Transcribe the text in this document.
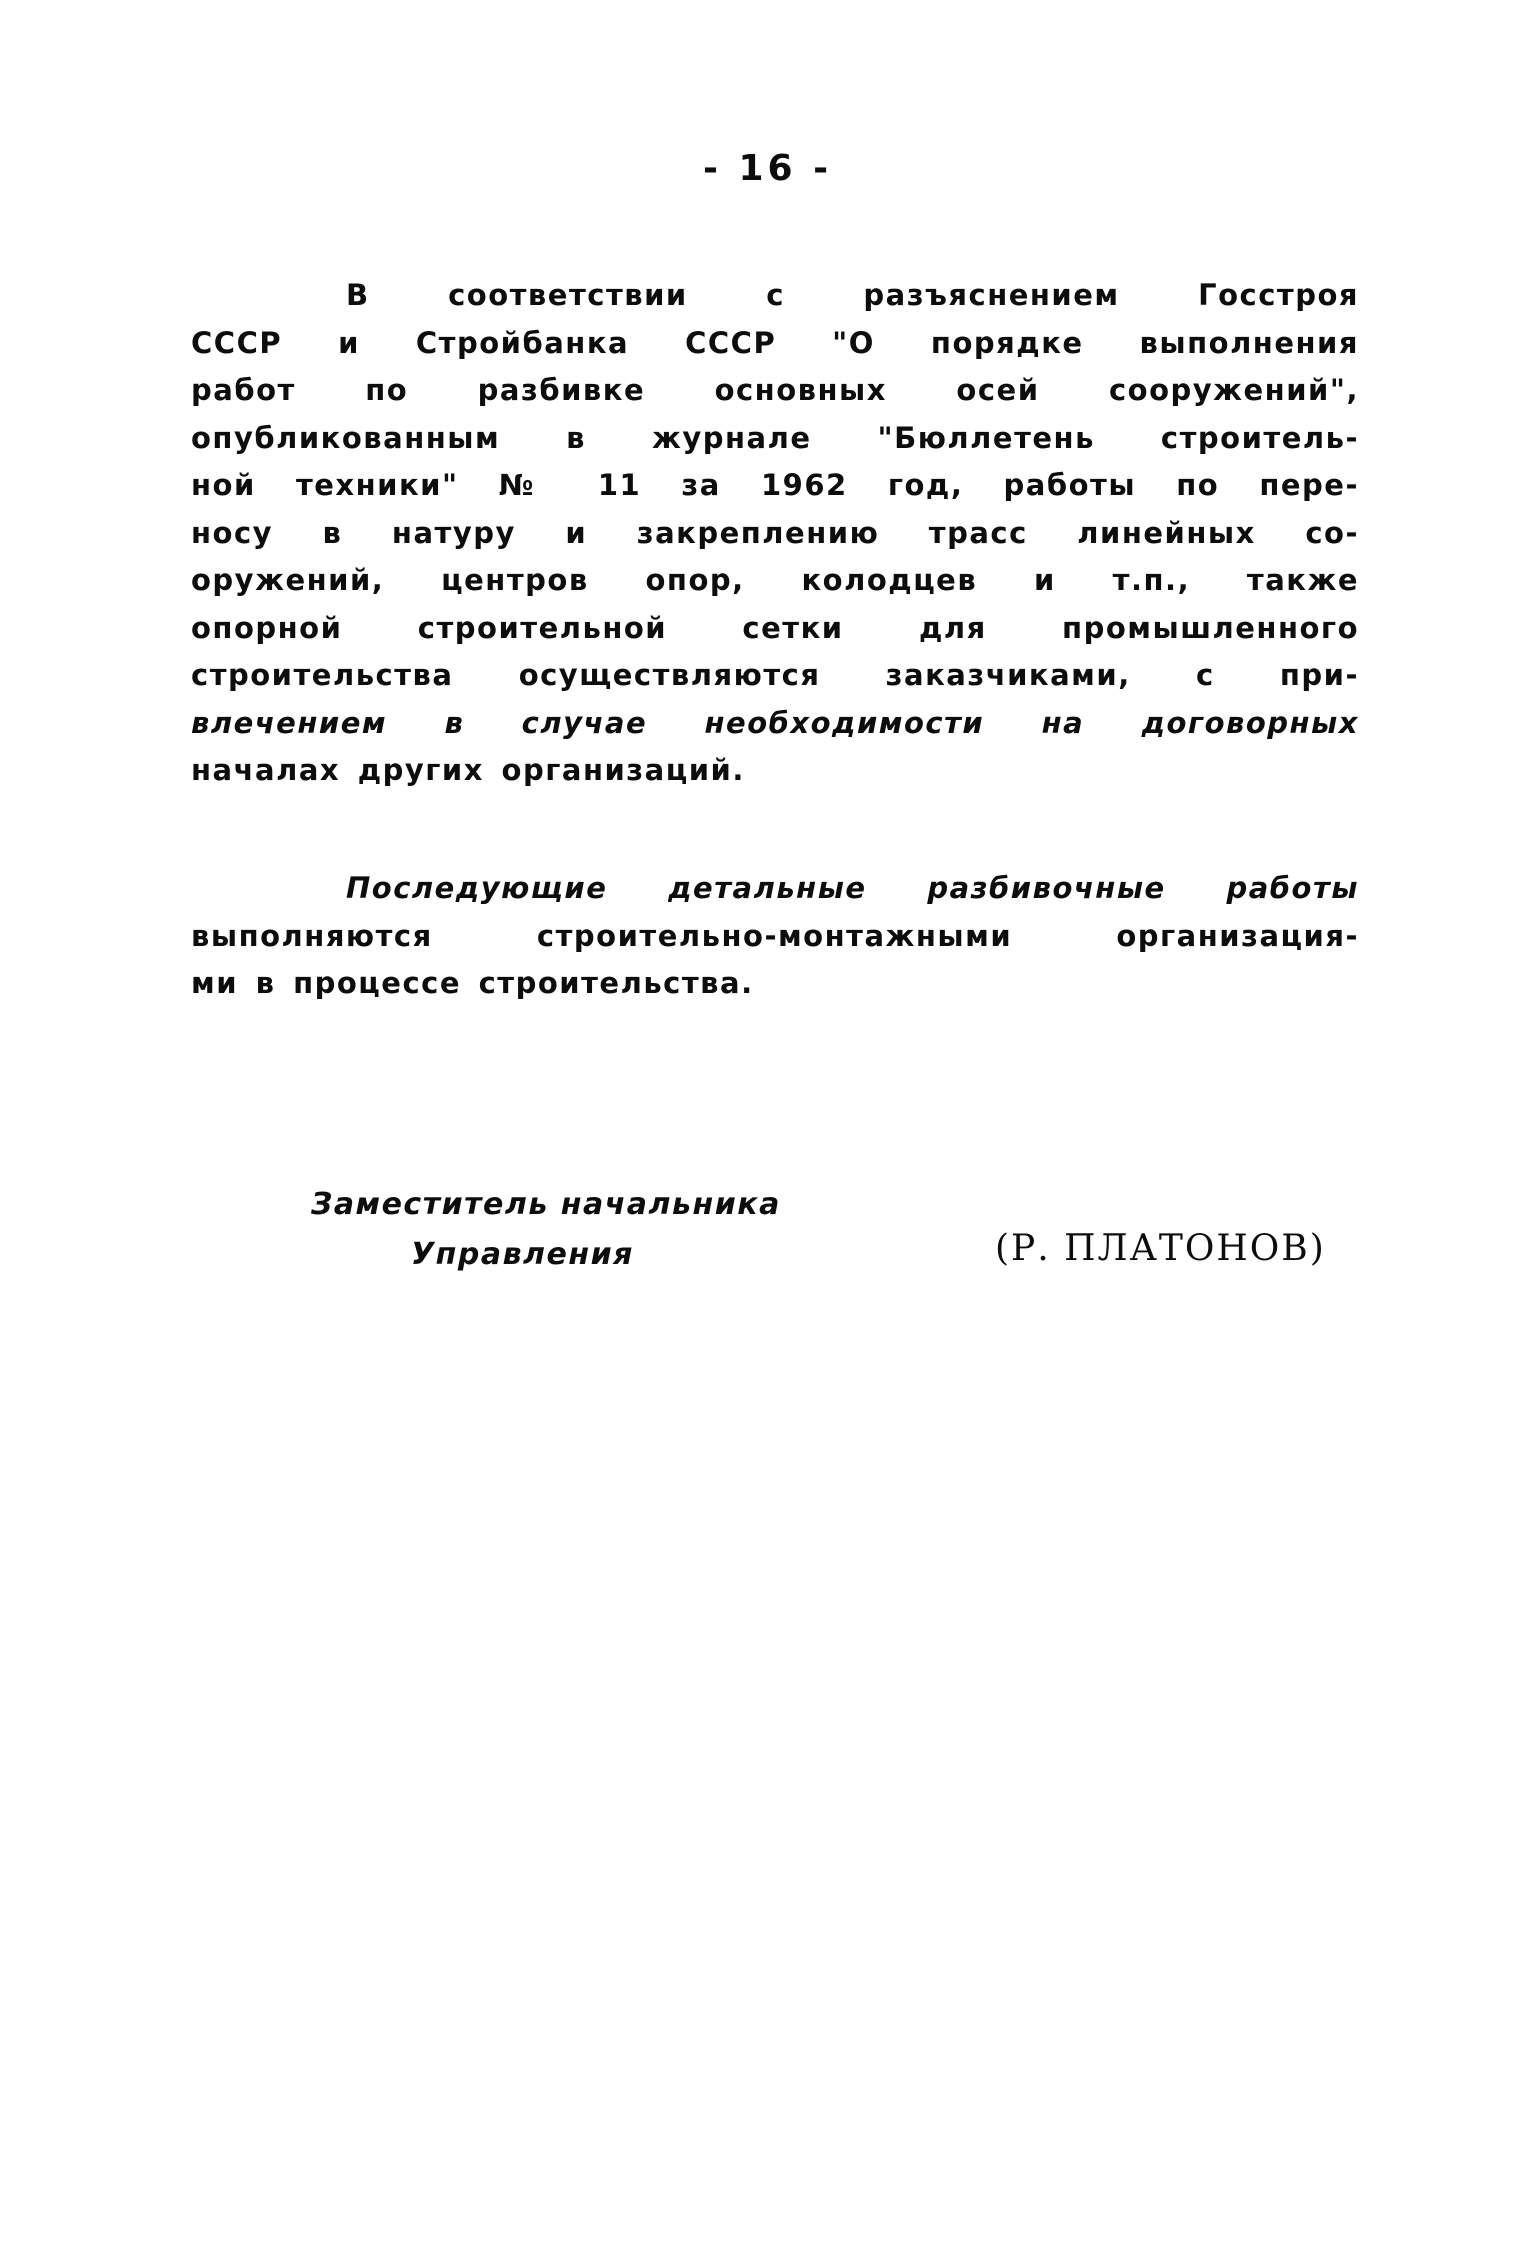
- 16 -

В соответствии с разъяснением Госстроя
СССР и Стройбанка СССР "О порядке выполнения
работ по разбивке основных осей сооружений",
опубликованным в журнале "Бюллетень строитель-
ной техники" № 11 за 1962 год, работы по пере-
носу в натуру и закреплению трасс линейных со-
оружений, центров опор, колодцев и т.п., также
опорной строительной сетки для промышленного
строительства осуществляются заказчиками, с при-
влечением в случае необходимости на договорных
началах других организаций.

Последующие детальные разбивочные работы
выполняются строительно-монтажными организация-
ми в процессе строительства.

Заместитель начальника
Управления	(Р. ПЛАТОНОВ)
